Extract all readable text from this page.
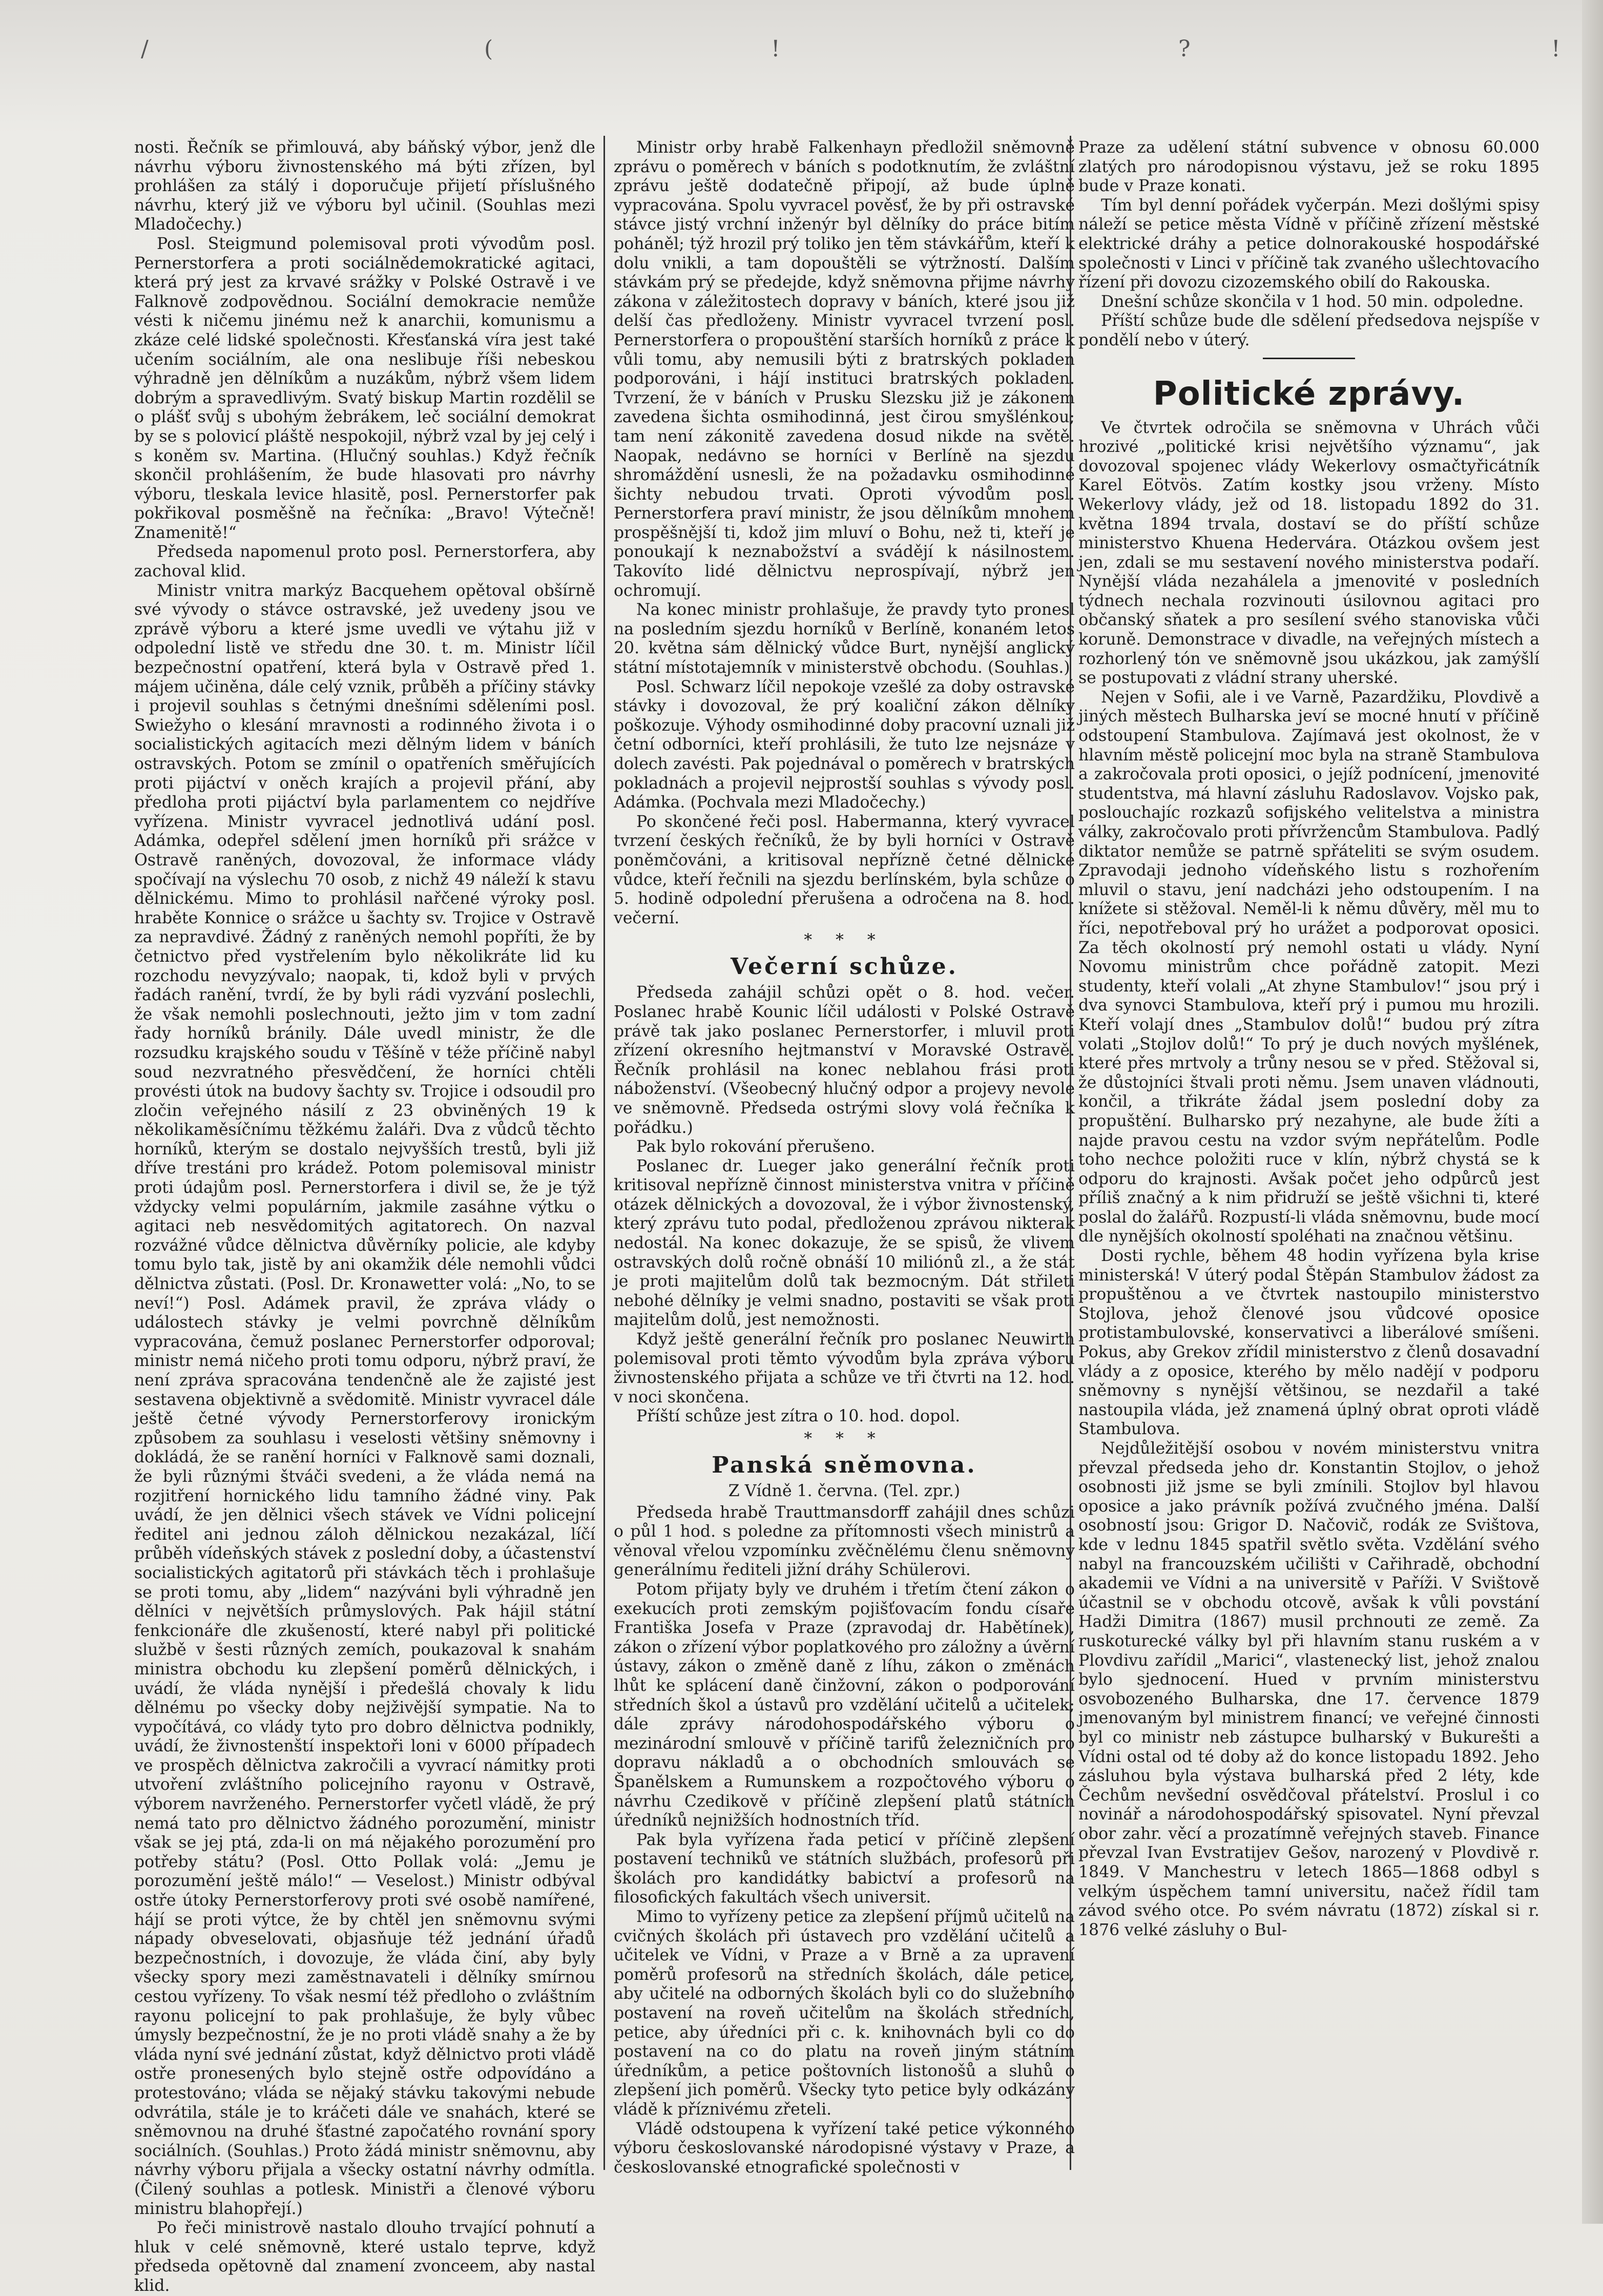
/	(	!	?	!

nosti. Řečník se přimlouvá, aby báňský výbor, jenž dle návrhu výboru živnostenského má býti zřízen, byl prohlášen za stálý i doporučuje přijetí příslušného návrhu, který již ve výboru byl učinil. (Souhlas mezi Mladočechy.)

Posl. Steigmund polemisoval proti vývodům posl. Pernerstorfera a proti sociálnědemokratické agitaci, která prý jest za krvavé srážky v Polské Ostravě i ve Falknově zodpovědnou. Sociální demokracie nemůže vésti k ničemu jinému než k anarchii, komunismu a zkáze celé lidské společnosti. Křesťanská víra jest také učením sociálním, ale ona neslibuje říši nebeskou výhradně jen dělníkům a nuzákům, nýbrž všem lidem dobrým a spravedlivým. Svatý biskup Martin rozdělil se o plášť svůj s ubohým žebrákem, leč sociální demokrat by se s polovicí pláště nespokojil, nýbrž vzal by jej celý i s koněm sv. Martina. (Hlučný souhlas.) Když řečník skončil prohlášením, že bude hlasovati pro návrhy výboru, tleskala levice hlasitě, posl. Pernerstorfer pak pokřikoval posměšně na řečníka: „Bravo! Výtečně! Znamenitě!“

Předseda napomenul proto posl. Pernerstorfera, aby zachoval klid.

Ministr vnitra markýz Bacquehem opětoval obšírně své vývody o stávce ostravské, jež uvedeny jsou ve zprávě výboru a které jsme uvedli ve výtahu již v odpolední listě ve středu dne 30. t. m. Ministr líčil bezpečnostní opatření, která byla v Ostravě před 1. májem učiněna, dále celý vznik, průběh a příčiny stávky i projevil souhlas s četnými dnešními sděleními posl. Swiežyho o klesání mravnosti a rodinného života i o socialistických agitacích mezi dělným lidem v báních ostravských. Potom se zmínil o opatřeních směřujících proti pijáctví v oněch krajích a projevil přání, aby předloha proti pijáctví byla parlamentem co nejdříve vyřízena. Ministr vyvracel jednotlivá udání posl. Adámka, odepřel sdělení jmen horníků při srážce v Ostravě raněných, dovozoval, že informace vlády spočívají na výslechu 70 osob, z nichž 49 náleží k stavu dělnickému. Mimo to prohlásil nařčené výroky posl. hraběte Konnice o srážce u šachty sv. Trojice v Ostravě za nepravdivé. Žádný z raněných nemohl popříti, že by četnictvo před vystřelením bylo několikráte lid ku rozchodu nevyzývalo; naopak, ti, kdož byli v prvých řadách ranění, tvrdí, že by byli rádi vyzvání poslechli, že však nemohli poslechnouti, ježto jim v tom zadní řady horníků bránily. Dále uvedl ministr, že dle rozsudku krajského soudu v Těšíně v téže příčině nabyl soud nezvratného přesvědčení, že horníci chtěli provésti útok na budovy šachty sv. Trojice i odsoudil pro zločin veřejného násilí z 23 obviněných 19 k několikaměsíčnímu těžkému žaláři. Dva z vůdců těchto horníků, kterým se dostalo nejvyšších trestů, byli již dříve trestáni pro krádež. Potom polemisoval ministr proti údajům posl. Pernerstorfera i divil se, že je týž vždycky velmi populárním, jakmile zasáhne výtku o agitaci neb nesvědomitých agitatorech. On nazval rozvážné vůdce dělnictva důvěrníky policie, ale kdyby tomu bylo tak, jistě by ani okamžik déle nemohli vůdci dělnictva zůstati. (Posl. Dr. Kronawetter volá: „No, to se neví!“) Posl. Adámek pravil, že zpráva vlády o událostech stávky je velmi povrchně dělníkům vypracována, čemuž poslanec Pernerstorfer odporoval; ministr nemá ničeho proti tomu odporu, nýbrž praví, že není zpráva spracována tendenčně ale že zajisté jest sestavena objektivně a svědomitě. Ministr vyvracel dále ještě četné vývody Pernerstorferovy ironickým způsobem za souhlasu i veselosti většiny sněmovny i dokládá, že se ranění horníci v Falknově sami doznali, že byli různými štváči svedeni, a že vláda nemá na rozjitření hornického lidu tamního žádné viny. Pak uvádí, že jen dělnici všech stávek ve Vídni policejní ředitel ani jednou záloh dělnickou nezakázal, líčí průběh vídeňských stávek z poslední doby, a účastenství socialistických agitatorů při stávkách těch i prohlašuje se proti tomu, aby „lidem“ nazýváni byli výhradně jen dělníci v největších průmyslových. Pak hájil státní fenkcionáře dle zkušeností, které nabyl při politické službě v šesti různých zemích, poukazoval k snahám ministra obchodu ku zlepšení poměrů dělnických, i uvádí, že vláda nynější i předešlá chovaly k lidu dělnému po všecky doby nejživější sympatie. Na to vypočítává, co vlády tyto pro dobro dělnictva podnikly, uvádí, že živnostenští inspektoři loni v 6000 případech ve prospěch dělnictva zakročili a vyvrací námitky proti utvoření zvláštního policejního rayonu v Ostravě, výborem navrženého. Pernerstorfer vyčetl vládě, že prý nemá tato pro dělnictvo žádného porozumění, ministr však se jej ptá, zda-li on má nějakého porozumění pro potřeby státu? (Posl. Otto Pollak volá: „Jemu je porozumění ještě málo!“ — Veselost.) Ministr odbýval ostře útoky Pernerstorferovy proti své osobě namířené, hájí se proti výtce, že by chtěl jen sněmovnu svými nápady obveselovati, objasňuje též jednání úřadů bezpečnostních, i dovozuje, že vláda činí, aby byly všecky spory mezi zaměstnavateli i dělníky smírnou cestou vyřízeny. To však nesmí též předloho o zvláštním rayonu policejní to pak prohlašuje, že byly vůbec úmysly bezpečnostní, že je no proti vládě snahy a že by vláda nyní své jednání zůstat, když dělnictvo proti vládě ostře pronesených bylo stejně ostře odpovídáno a protestováno; vláda se nějaký stávku takovými nebude odvrátila, stále je to kráčeti dále ve snahách, které se sněmovnou na druhé šťastné započatého rovnání spory sociálních. (Souhlas.) Proto žádá ministr sněmovnu, aby návrhy výboru přijala a všecky ostatní návrhy odmítla. (Čilený souhlas a potlesk. Ministři a členové výboru ministru blahopřejí.)

Po řeči ministrově nastalo dlouho trvající pohnutí a hluk v celé sněmovně, které ustalo teprve, když předseda opětovně dal znamení zvonceem, aby nastal klid.

Ministr orby hrabě Falkenhayn předložil sněmovně zprávu o poměrech v báních s podotknutím, že zvláštní zprávu ještě dodatečně připojí, až bude úplně vypracována. Spolu vyvracel pověsť, že by při ostravské stávce jistý vrchní inženýr byl dělníky do práce bitím poháněl; týž hrozil prý toliko jen těm stávkářům, kteří k dolu vnikli, a tam dopouštěli se výtržností. Dalším stávkám prý se předejde, když sněmovna přijme návrhy zákona v záležitostech dopravy v báních, které jsou již delší čas předloženy. Ministr vyvracel tvrzení posl. Pernerstorfera o propouštění starších horníků z práce k vůli tomu, aby nemusili býti z bratrských pokladen podporováni, i hájí instituci bratrských pokladen. Tvrzení, že v báních v Prusku Slezsku již je zákonem zavedena šichta osmihodinná, jest čirou smyšlénkou; tam není zákonitě zavedena dosud nikde na světě. Naopak, nedávno se horníci v Berlíně na sjezdu shromáždění usnesli, že na požadavku osmihodinné šichty nebudou trvati. Oproti vývodům posl. Pernerstorfera praví ministr, že jsou dělníkům mnohem prospěšnější ti, kdož jim mluví o Bohu, než ti, kteří je ponoukají k neznabožství a svádějí k násilnostem. Takovíto lidé dělnictvu neprospívají, nýbrž jen ochromují.

Na konec ministr prohlašuje, že pravdy tyto pronesl na posledním sjezdu horníků v Berlíně, konaném letos 20. května sám dělnický vůdce Burt, nynější anglický státní místotajemník v ministerstvě obchodu. (Souhlas.)

Posl. Schwarz líčil nepokoje vzešlé za doby ostravské stávky i dovozoval, že prý koaliční zákon dělníky poškozuje. Výhody osmihodinné doby pracovní uznali již četní odborníci, kteří prohlásili, že tuto lze nejsnáze v dolech zavésti. Pak pojednával o poměrech v bratrských pokladnách a projevil nejprostší souhlas s vývody posl. Adámka. (Pochvala mezi Mladočechy.)

Po skončené řeči posl. Habermanna, který vyvracel tvrzení českých řečníků, že by byli horníci v Ostravě poněmčováni, a kritisoval nepřízně četné dělnické vůdce, kteří řečnili na sjezdu berlínském, byla schůze o 5. hodině odpolední přerušena a odročena na 8. hod. večerní.

* * *
Večerní schůze.

Předseda zahájil schůzi opět o 8. hod. večer. Poslanec hrabě Kounic líčil události v Polské Ostravě právě tak jako poslanec Pernerstorfer, i mluvil proti zřízení okresního hejtmanství v Moravské Ostravě. Řečník prohlásil na konec neblahou frási proti náboženství. (Všeobecný hlučný odpor a projevy nevole ve sněmovně. Předseda ostrými slovy volá řečníka k pořádku.)

Pak bylo rokování přerušeno.

Poslanec dr. Lueger jako generální řečník proti kritisoval nepřízně činnost ministerstva vnitra v příčině otázek dělnických a dovozoval, že i výbor živnostenský, který zprávu tuto podal, předloženou zprávou nikterak nedostál. Na konec dokazuje, že se spisů, že vlivem ostravských dolů ročně obnáší 10 miliónů zl., a že stát je proti majitelům dolů tak bezmocným. Dát střileti nebohé dělníky je velmi snadno, postaviti se však proti majitelům dolů, jest nemožnosti.

Když ještě generální řečník pro poslanec Neuwirth polemisoval proti těmto vývodům byla zpráva výboru živnostenského přijata a schůze ve tři čtvrti na 12. hod. v noci skončena.

Příští schůze jest zítra o 10. hod. dopol.

* * *
Panská sněmovna.
Z Vídně 1. června. (Tel. zpr.)

Předseda hrabě Trauttmansdorff zahájil dnes schůzi o půl 1 hod. s poledne za přítomnosti všech ministrů a věnoval vřelou vzpomínku zvěčnělému členu sněmovny generálnímu řediteli jižní dráhy Schülerovi.

Potom přijaty byly ve druhém i třetím čtení zákon o exekucích proti zemským pojišťovacím fondu císaře Františka Josefa v Praze (zpravodaj dr. Habětínek), zákon o zřízení výbor poplatkového pro záložny a úvěrní ústavy, zákon o změně daně z líhu, zákon o změnách lhůt ke splácení daně činžovní, zákon o podporování středních škol a ústavů pro vzdělání učitelů a učitelek; dále zprávy národohospodářského výboru o mezinárodní smlouvě v příčině tarifů železničních pro dopravu nákladů a o obchodních smlouvách se Španělskem a Rumunskem a rozpočtového výboru o návrhu Czedikově v příčině zlepšení platů státních úředníků nejnižších hodnostních tříd.

Pak byla vyřízena řada peticí v příčině zlepšení postavení techniků ve státních službách, profesorů při školách pro kandidátky babictví a profesorů na filosofických fakultách všech universit.

Mimo to vyřízeny petice za zlepšení příjmů učitelů na cvičných školách při ústavech pro vzdělání učitelů a učitelek ve Vídni, v Praze a v Brně a za upravení poměrů profesorů na středních školách, dále petice, aby učitelé na odborných školách byli co do služebního postavení na roveň učitelům na školách středních, petice, aby úředníci při c. k. knihovnách byli co do postavení na co do platu na roveň jiným státním úředníkům, a petice poštovních listonošů a sluhů o zlepšení jich poměrů. Všecky tyto petice byly odkázány vládě k příznivému zřeteli.

Vládě odstoupena k vyřízení také petice výkonného výboru českoslovanské národopisné výstavy v Praze, a českoslovanské etnografické společnosti v

Praze za udělení státní subvence v obnosu 60.000 zlatých pro národopisnou výstavu, jež se roku 1895 bude v Praze konati.

Tím byl denní pořádek vyčerpán. Mezi došlými spisy náleží se petice města Vídně v příčině zřízení městské elektrické dráhy a petice dolnorakouské hospodářské společnosti v Linci v příčině tak zvaného ušlechtovacího řízení při dovozu cizozemského obilí do Rakouska.

Dnešní schůze skončila v 1 hod. 50 min. odpoledne.

Příští schůze bude dle sdělení předsedova nejspíše v pondělí nebo v úterý.

Politické zprávy.

Ve čtvrtek odročila se sněmovna v Uhrách vůči hrozivé „politické krisi největšího významu“, jak dovozoval spojenec vlády Wekerlovy osmačtyřicátník Karel Eötvös. Zatím kostky jsou vrženy. Místo Wekerlovy vlády, jež od 18. listopadu 1892 do 31. května 1894 trvala, dostaví se do příští schůze ministerstvo Khuena Hedervára. Otázkou ovšem jest jen, zdali se mu sestavení nového ministerstva podaří. Nynější vláda nezahálela a jmenovité v posledních týdnech nechala rozvinouti úsilovnou agitaci pro občanský sňatek a pro sesílení svého stanoviska vůči koruně. Demonstrace v divadle, na veřejných místech a rozhorlený tón ve sněmovně jsou ukázkou, jak zamýšlí se postupovati z vládní strany uherské.

Nejen v Sofii, ale i ve Varně, Pazardžiku, Plovdivě a jiných městech Bulharska jeví se mocné hnutí v příčině odstoupení Stambulova. Zajímavá jest okolnost, že v hlavním městě policejní moc byla na straně Stambulova a zakročovala proti oposici, o jejíž podnícení, jmenovité studentstva, má hlavní zásluhu Radoslavov. Vojsko pak, poslouchajíc rozkazů sofijského velitelstva a ministra války, zakročovalo proti přívržencům Stambulova. Padlý diktator nemůže se patrně spřáteliti se svým osudem. Zpravodaji jednoho vídeňského listu s rozhořením mluvil o stavu, jení nadcházi jeho odstoupením. I na knížete si stěžoval. Neměl-li k němu důvěry, měl mu to říci, nepotřeboval prý ho urážet a podporovat oposici. Za těch okolností prý nemohl ostati u vlády. Nyní Novomu ministrům chce pořádně zatopit. Mezi studenty, kteří volali „At zhyne Stambulov!“ jsou prý i dva synovci Stambulova, kteří prý i pumou mu hrozili. Kteří volají dnes „Stambulov dolů!“ budou prý zítra volati „Stojlov dolů!“ To prý je duch nových myšlének, které přes mrtvoly a trůny nesou se v před. Stěžoval si, že důstojníci štvali proti němu. Jsem unaven vládnouti, končil, a třikráte žádal jsem poslední doby za propuštění. Bulharsko prý nezahyne, ale bude žíti a najde pravou cestu na vzdor svým nepřátelům. Podle toho nechce položiti ruce v klín, nýbrž chystá se k odporu do krajnosti. Avšak počet jeho odpůrců jest příliš značný a k nim přidruží se ještě všichni ti, které poslal do žalářů. Rozpustí-li vláda sněmovnu, bude mocí dle nynějších okolností spoléhati na značnou většinu.

Dosti rychle, během 48 hodin vyřízena byla krise ministerská! V úterý podal Štěpán Stambulov žádost za propuštěnou a ve čtvrtek nastoupilo ministerstvo Stojlova, jehož členové jsou vůdcové oposice protistambulovské, konservativci a liberálové smíšeni. Pokus, aby Grekov zřídil ministerstvo z členů dosavadní vlády a z oposice, kterého by mělo nadějí v podporu sněmovny s nynější většinou, se nezdařil a také nastoupila vláda, jež znamená úplný obrat oproti vládě Stambulova.

Nejdůležitější osobou v novém ministerstvu vnitra převzal předseda jeho dr. Konstantin Stojlov, o jehož osobnosti již jsme se byli zmínili. Stojlov byl hlavou oposice a jako právník požívá zvučného jména. Další osobností jsou: Grigor D. Načovič, rodák ze Svištova, kde v lednu 1845 spatřil světlo světa. Vzdělání svého nabyl na francouzském učilišti v Cařihradě, obchodní akademii ve Vídni a na universitě v Paříži. V Svištově účastnil se v obchodu otcově, avšak k vůli povstání Hadži Dimitra (1867) musil prchnouti ze země. Za ruskoturecké války byl při hlavním stanu ruském a v Plovdivu zařídil „Marici“, vlastenecký list, jehož znalou bylo sjednocení. Hued v prvním ministerstvu osvobozeného Bulharska, dne 17. července 1879 jmenovaným byl ministrem financí; ve veřejné činnosti byl co ministr neb zástupce bulharský v Bukurešti a Vídni ostal od té doby až do konce listopadu 1892. Jeho zásluhou byla výstava bulharská před 2 léty, kde Čechům nevšední osvědčoval přátelství. Proslul i co novinář a národohospodářský spisovatel. Nyní převzal obor zahr. věcí a prozatímně veřejných staveb. Finance převzal Ivan Evstratijev Gešov, narozený v Plovdivě r. 1849. V Manchestru v letech 1865—1868 odbyl s velkým úspěchem tamní universitu, načež řídil tam závod svého otce. Po svém návratu (1872) získal si r. 1876 velké zásluhy o Bul-
